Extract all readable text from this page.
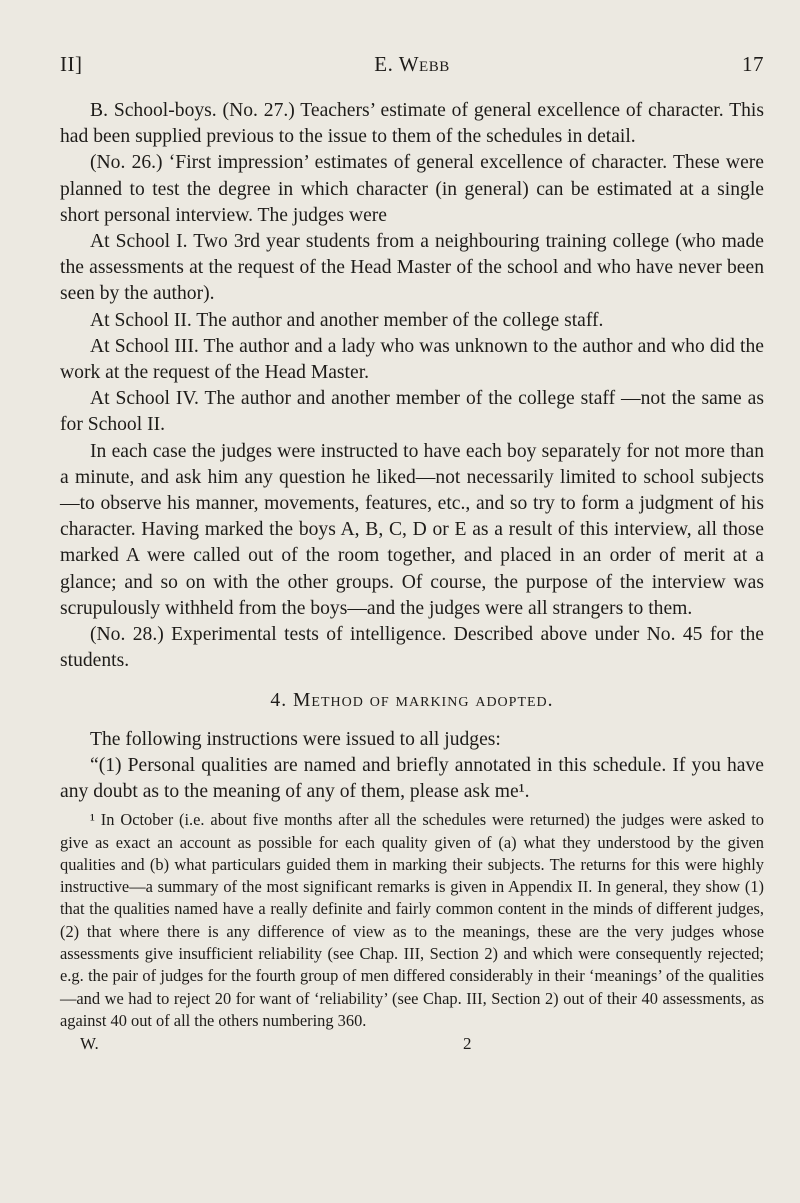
II]	E. Webb	17

B. School-boys. (No. 27.) Teachers’ estimate of general excellence of character. This had been supplied previous to the issue to them of the schedules in detail.

(No. 26.) ‘First impression’ estimates of general excellence of character. These were planned to test the degree in which character (in general) can be estimated at a single short personal interview. The judges were

At School I. Two 3rd year students from a neighbouring training college (who made the assessments at the request of the Head Master of the school and who have never been seen by the author).

At School II. The author and another member of the college staff.

At School III. The author and a lady who was unknown to the author and who did the work at the request of the Head Master.

At School IV. The author and another member of the college staff —not the same as for School II.

In each case the judges were instructed to have each boy separately for not more than a minute, and ask him any question he liked—not necessarily limited to school subjects—to observe his manner, movements, features, etc., and so try to form a judgment of his character. Having marked the boys A, B, C, D or E as a result of this interview, all those marked A were called out of the room together, and placed in an order of merit at a glance; and so on with the other groups. Of course, the purpose of the interview was scrupulously withheld from the boys—and the judges were all strangers to them.

(No. 28.) Experimental tests of intelligence. Described above under No. 45 for the students.

4. Method of marking adopted.

The following instructions were issued to all judges:

“(1) Personal qualities are named and briefly annotated in this schedule. If you have any doubt as to the meaning of any of them, please ask me¹.

¹ In October (i.e. about five months after all the schedules were returned) the judges were asked to give as exact an account as possible for each quality given of (a) what they understood by the given qualities and (b) what particulars guided them in marking their subjects. The returns for this were highly instructive—a summary of the most significant remarks is given in Appendix II. In general, they show (1) that the qualities named have a really definite and fairly common content in the minds of different judges, (2) that where there is any difference of view as to the meanings, these are the very judges whose assessments give insufficient reliability (see Chap. III, Section 2) and which were consequently rejected; e.g. the pair of judges for the fourth group of men differed considerably in their ‘meanings’ of the qualities—and we had to reject 20 for want of ‘reliability’ (see Chap. III, Section 2) out of their 40 assessments, as against 40 out of all the others numbering 360.

W.	2
